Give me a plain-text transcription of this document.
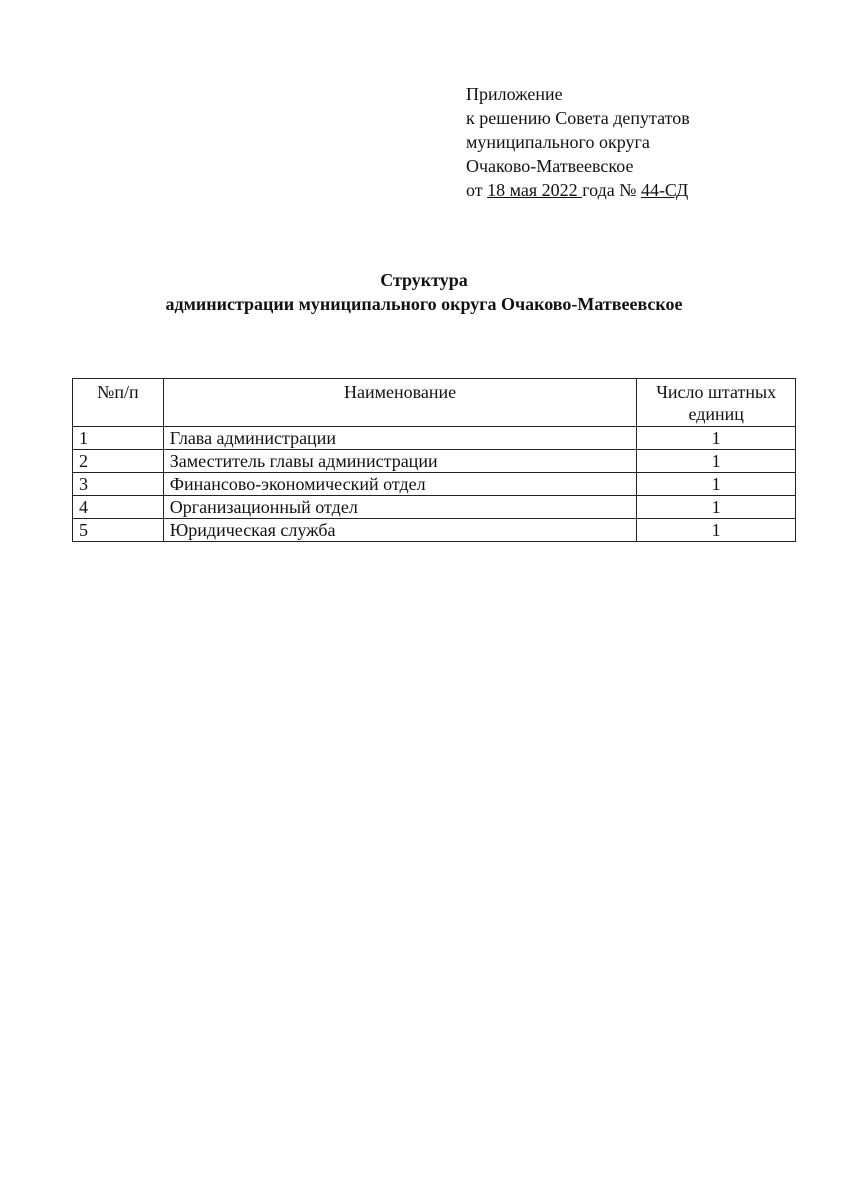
Приложение
к решению Совета депутатов
муниципального округа
Очаково-Матвеевское
от 18 мая 2022 года № 44-СД
Структура
администрации муниципального округа Очаково-Матвеевское
№п/п	Наименование	Число штатных единиц
1	Глава администрации	1
2	Заместитель главы администрации	1
3	Финансово-экономический отдел	1
4	Организационный отдел	1
5	Юридическая служба	1
